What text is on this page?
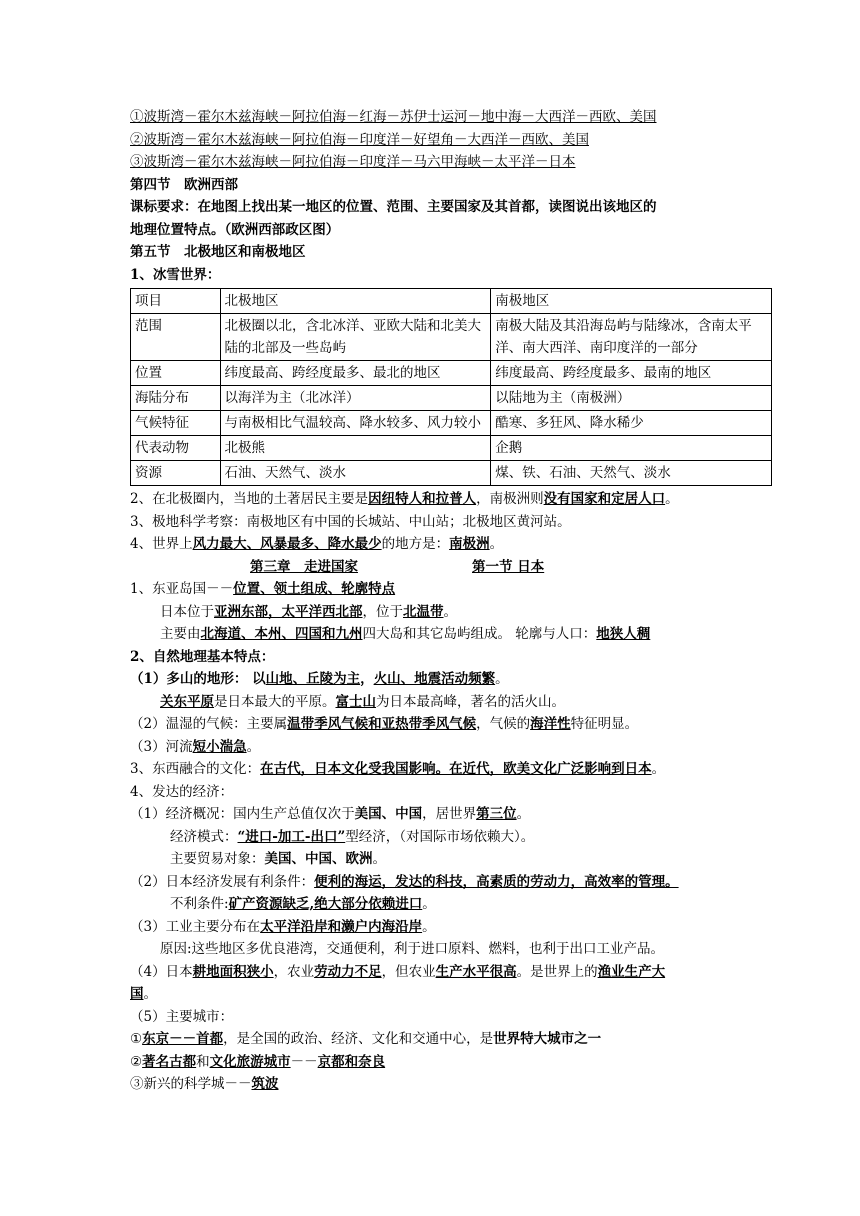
①波斯湾－霍尔木兹海峡－阿拉伯海－红海－苏伊士运河－地中海－大西洋－西欧、美国
②波斯湾－霍尔木兹海峡－阿拉伯海－印度洋－好望角－大西洋－西欧、美国
③波斯湾－霍尔木兹海峡－阿拉伯海－印度洋－马六甲海峡－太平洋－日本
第四节　欧洲西部
课标要求：在地图上找出某一地区的位置、范围、主要国家及其首都，读图说出该地区的
地理位置特点。（欧洲西部政区图）
第五节　北极地区和南极地区
1、冰雪世界：
项目	北极地区	南极地区
范围	北极圈以北，含北冰洋、亚欧大陆和北美大陆的北部及一些岛屿	南极大陆及其沿海岛屿与陆缘冰，含南太平洋、南大西洋、南印度洋的一部分
位置	纬度最高、跨经度最多、最北的地区	纬度最高、跨经度最多、最南的地区
海陆分布	以海洋为主（北冰洋）	以陆地为主（南极洲）
气候特征	与南极相比气温较高、降水较多、风力较小	酷寒、多狂风、降水稀少
代表动物	北极熊	企鹅
资源	石油、天然气、淡水	煤、铁、石油、天然气、淡水
2、在北极圈内，当地的土著居民主要是因纽特人和拉普人，南极洲则没有国家和定居人口。
3、极地科学考察：南极地区有中国的长城站、中山站；北极地区黄河站。
4、世界上风力最大、风暴最多、降水最少的地方是：南极洲。
第三章　走进国家	第一节 日本
1、东亚岛国－－位置、领土组成、轮廓特点
日本位于亚洲东部，太平洋西北部，位于北温带。
主要由北海道、本州、四国和九州四大岛和其它岛屿组成。 轮廓与人口：地狭人稠
2、自然地理基本特点：
（1）多山的地形： 以山地、丘陵为主，火山、地震活动频繁。
关东平原是日本最大的平原。富士山为日本最高峰，著名的活火山。
（2）温湿的气候：主要属温带季风气候和亚热带季风气候，气候的海洋性特征明显。
（3）河流短小湍急。
3、东西融合的文化：在古代，日本文化受我国影响。在近代，欧美文化广泛影响到日本。
4、发达的经济：
（1）经济概况：国内生产总值仅次于美国、中国，居世界第三位。
经济模式：“进口-加工-出口”型经济，（对国际市场依赖大）。
主要贸易对象：美国、中国、欧洲。
（2）日本经济发展有利条件：便利的海运，发达的科技，高素质的劳动力，高效率的管理。
不利条件:矿产资源缺乏,绝大部分依赖进口。
（3）工业主要分布在太平洋沿岸和濑户内海沿岸。
原因:这些地区多优良港湾，交通便利，利于进口原料、燃料，也利于出口工业产品。
（4）日本耕地面积狭小，农业劳动力不足，但农业生产水平很高。是世界上的渔业生产大
国。
（5）主要城市：
①东京－－首都，是全国的政治、经济、文化和交通中心，是世界特大城市之一
②著名古都和文化旅游城市－－京都和奈良
③新兴的科学城－－筑波
